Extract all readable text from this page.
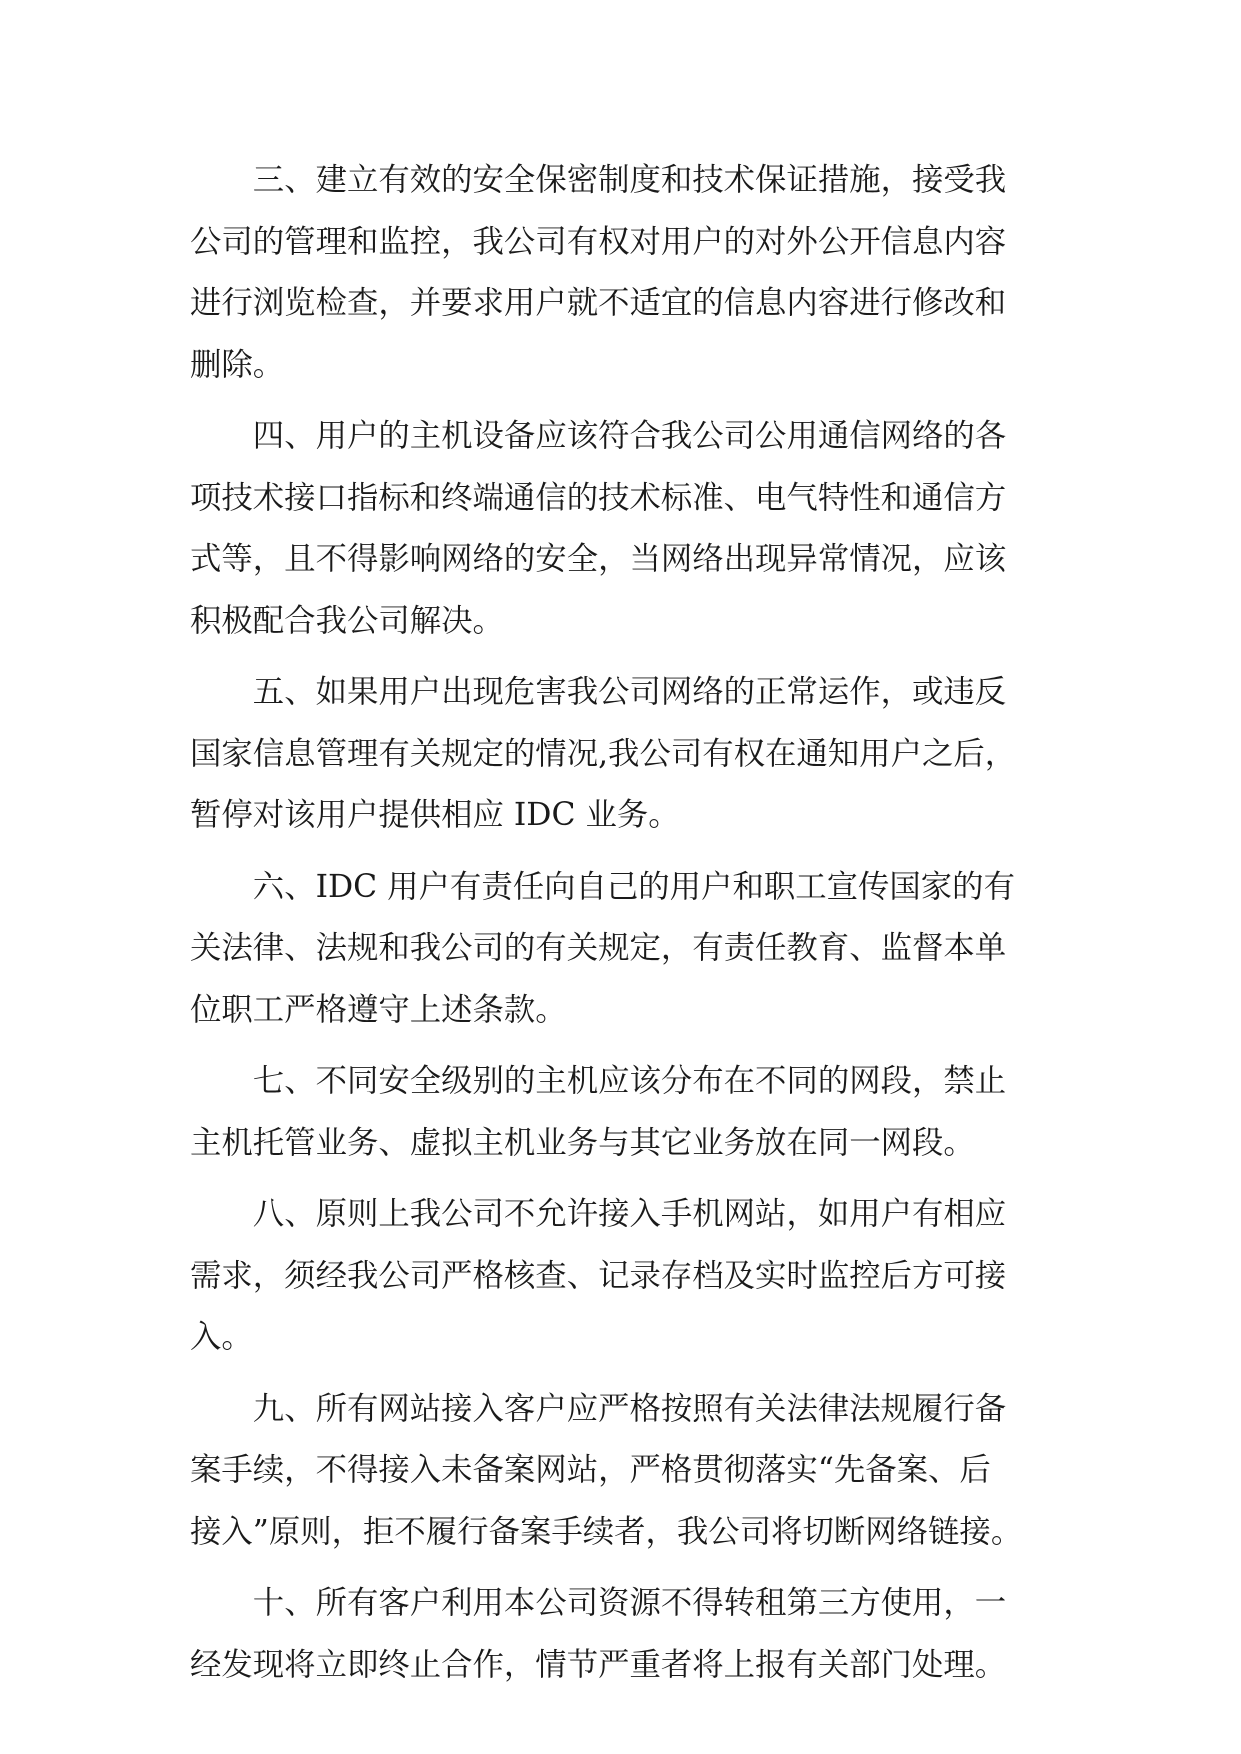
三、建立有效的安全保密制度和技术保证措施，接受我
公司的管理和监控，我公司有权对用户的对外公开信息内容
进行浏览检查，并要求用户就不适宜的信息内容进行修改和
删除。

四、用户的主机设备应该符合我公司公用通信网络的各
项技术接口指标和终端通信的技术标准、电气特性和通信方
式等，且不得影响网络的安全，当网络出现异常情况，应该
积极配合我公司解决。

五、如果用户出现危害我公司网络的正常运作，或违反
国家信息管理有关规定的情况,我公司有权在通知用户之后，
暂停对该用户提供相应 IDC 业务。

六、IDC 用户有责任向自己的用户和职工宣传国家的有
关法律、法规和我公司的有关规定，有责任教育、监督本单
位职工严格遵守上述条款。

七、不同安全级别的主机应该分布在不同的网段，禁止
主机托管业务、虚拟主机业务与其它业务放在同一网段。

八、原则上我公司不允许接入手机网站，如用户有相应
需求，须经我公司严格核查、记录存档及实时监控后方可接
入。

九、所有网站接入客户应严格按照有关法律法规履行备
案手续，不得接入未备案网站，严格贯彻落实“先备案、后
接入”原则，拒不履行备案手续者，我公司将切断网络链接。

十、所有客户利用本公司资源不得转租第三方使用，一
经发现将立即终止合作，情节严重者将上报有关部门处理。
